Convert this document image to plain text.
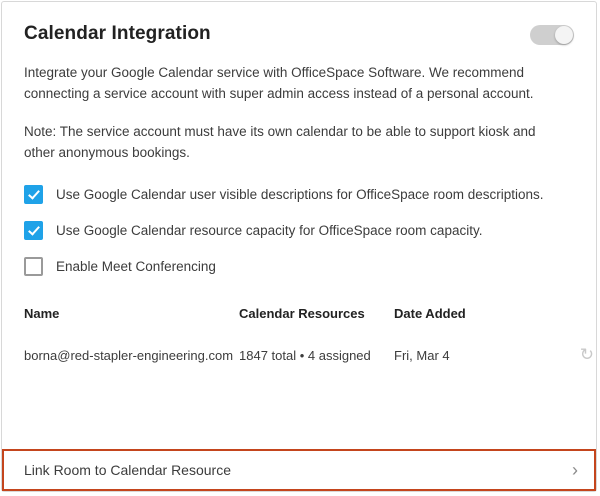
Calendar Integration

Integrate your Google Calendar service with OfficeSpace Software. We recommend connecting a service account with super admin access instead of a personal account.

Note: The service account must have its own calendar to be able to support kiosk and other anonymous bookings.

Use Google Calendar user visible descriptions for OfficeSpace room descriptions.
Use Google Calendar resource capacity for OfficeSpace room capacity.
Enable Meet Conferencing
Name	Calendar Resources	Date Added	
borna@red-stapler-engineering.com	1847 total • 4 assigned	Fri, Mar 4	↻
Link Room to Calendar Resource	›
